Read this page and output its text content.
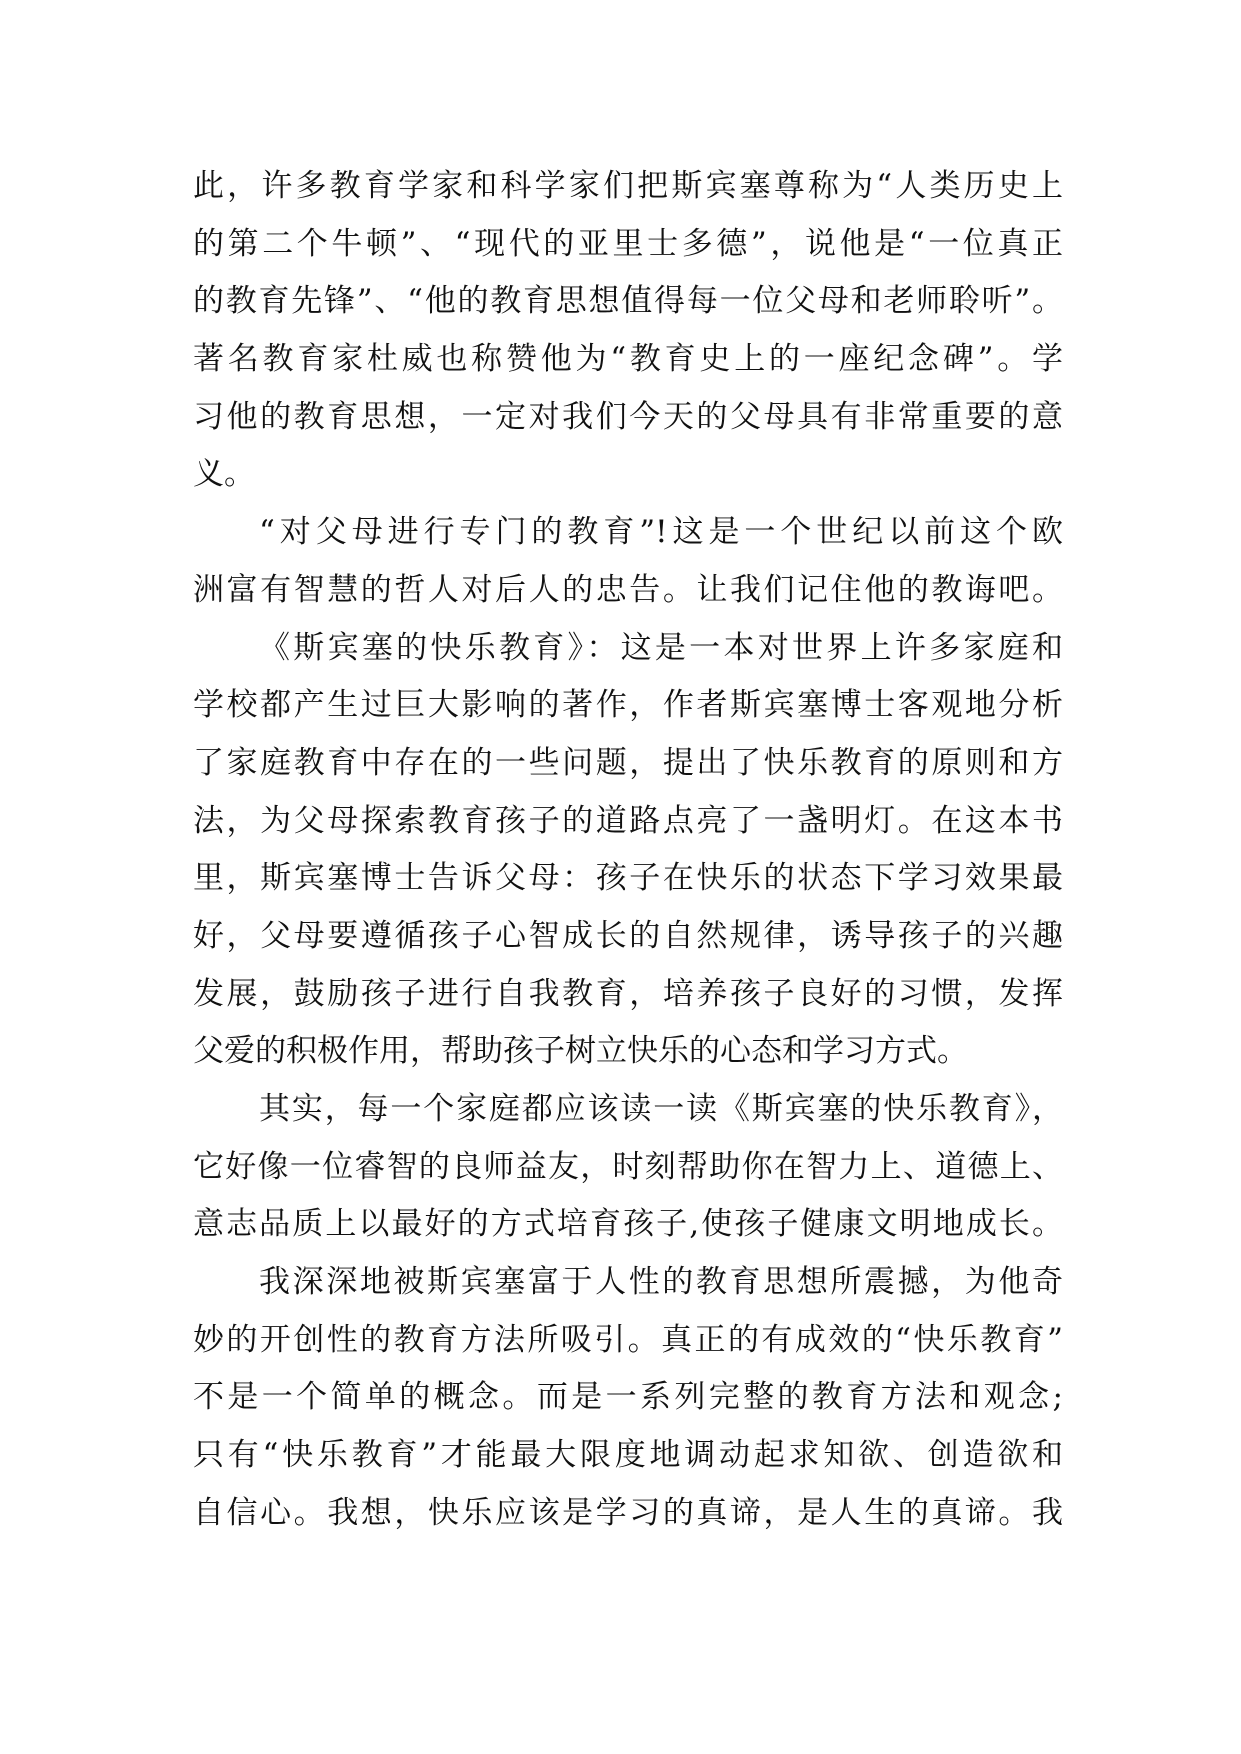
此，许多教育学家和科学家们把斯宾塞尊称为“人类历史上
的第二个牛顿”、“现代的亚里士多德”，说他是“一位真正
的教育先锋”、“他的教育思想值得每一位父母和老师聆听”。
著名教育家杜威也称赞他为“教育史上的一座纪念碑”。学
习他的教育思想，一定对我们今天的父母具有非常重要的意
义。
“对父母进行专门的教育”!这是一个世纪以前这个欧
洲富有智慧的哲人对后人的忠告。让我们记住他的教诲吧。
《斯宾塞的快乐教育》：这是一本对世界上许多家庭和
学校都产生过巨大影响的著作，作者斯宾塞博士客观地分析
了家庭教育中存在的一些问题，提出了快乐教育的原则和方
法，为父母探索教育孩子的道路点亮了一盏明灯。在这本书
里，斯宾塞博士告诉父母：孩子在快乐的状态下学习效果最
好，父母要遵循孩子心智成长的自然规律，诱导孩子的兴趣
发展，鼓励孩子进行自我教育，培养孩子良好的习惯，发挥
父爱的积极作用，帮助孩子树立快乐的心态和学习方式。
其实，每一个家庭都应该读一读《斯宾塞的快乐教育》，
它好像一位睿智的良师益友，时刻帮助你在智力上、道德上、
意志品质上以最好的方式培育孩子,使孩子健康文明地成长。
我深深地被斯宾塞富于人性的教育思想所震撼，为他奇
妙的开创性的教育方法所吸引。真正的有成效的“快乐教育”
不是一个简单的概念。而是一系列完整的教育方法和观念;
只有“快乐教育”才能最大限度地调动起求知欲、创造欲和
自信心。我想，快乐应该是学习的真谛，是人生的真谛。我
